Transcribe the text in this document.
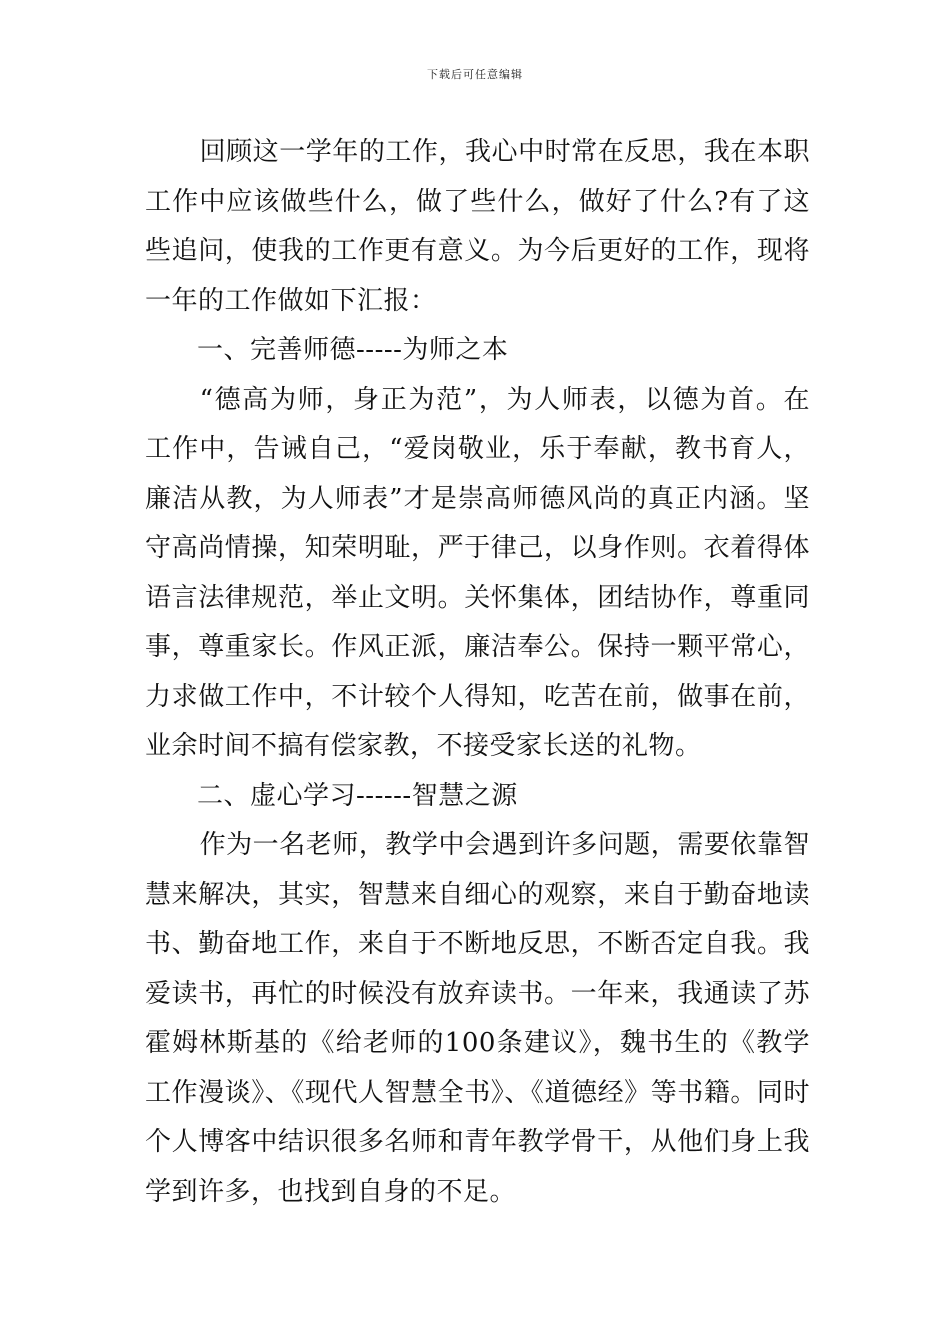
下载后可任意编辑

回顾这一学年的工作，我心中时常在反思，我在本职工作中应该做些什么，做了些什么，做好了什么?有了这些追问，使我的工作更有意义。为今后更好的工作，现将一年的工作做如下汇报：

一、完善师德-----为师之本

“德高为师，身正为范”，为人师表，以德为首。在工作中，告诫自己，“爱岗敬业，乐于奉献，教书育人，廉洁从教，为人师表”才是崇高师德风尚的真正内涵。坚守高尚情操，知荣明耻，严于律己，以身作则。衣着得体语言法律规范，举止文明。关怀集体，团结协作，尊重同事，尊重家长。作风正派，廉洁奉公。保持一颗平常心，力求做工作中，不计较个人得知，吃苦在前，做事在前，业余时间不搞有偿家教，不接受家长送的礼物。

二、虚心学习------智慧之源

作为一名老师，教学中会遇到许多问题，需要依靠智慧来解决，其实，智慧来自细心的观察，来自于勤奋地读书、勤奋地工作，来自于不断地反思，不断否定自我。我爱读书，再忙的时候没有放弃读书。一年来，我通读了苏霍姆林斯基的《给老师的100条建议》，魏书生的《教学工作漫谈》、《现代人智慧全书》、《道德经》等书籍。同时个人博客中结识很多名师和青年教学骨干，从他们身上我学到许多，也找到自身的不足。
